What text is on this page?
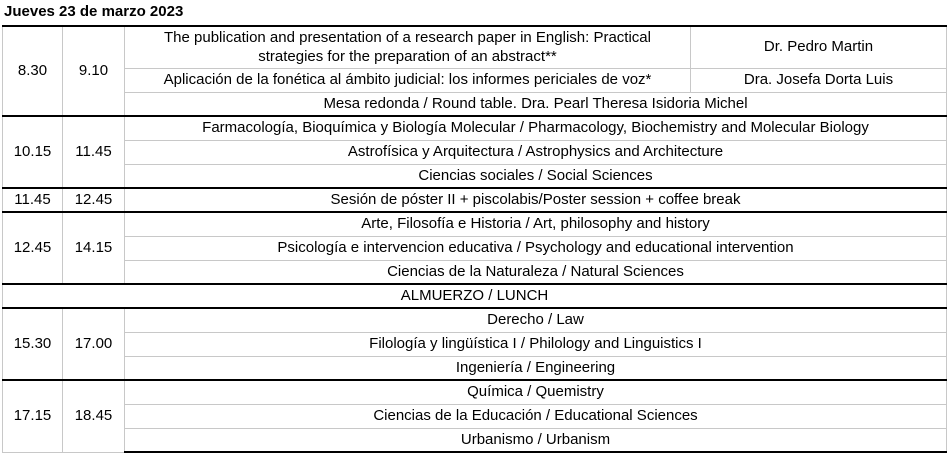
Jueves 23 de marzo 2023
8.30	9.10	The publication and presentation of a research paper in English: Practical strategies for the preparation of an abstract**	Dr. Pedro Martin
		Aplicación de la fonética al ámbito judicial: los informes periciales de voz*	Dra. Josefa Dorta Luis
		Mesa redonda / Round table. Dra. Pearl Theresa Isidoria Michel	
10.15	11.45	Farmacología, Bioquímica y Biología Molecular / Pharmacology, Biochemistry and Molecular Biology	
		Astrofísica y Arquitectura / Astrophysics and Architecture	
		Ciencias sociales / Social Sciences	
11.45	12.45	Sesión de póster II + piscolabis/Poster session + coffee break	
12.45	14.15	Arte, Filosofía e Historia / Art, philosophy and history	
		Psicología e intervencion educativa / Psychology and educational intervention	
		Ciencias de la Naturaleza / Natural Sciences	
ALMUERZO / LUNCH			
15.30	17.00	Derecho / Law	
		Filología y lingüística I / Philology and Linguistics I	
		Ingeniería / Engineering	
17.15	18.45	Química / Quemistry	
		Ciencias de la Educación / Educational Sciences	
		Urbanismo / Urbanism	
